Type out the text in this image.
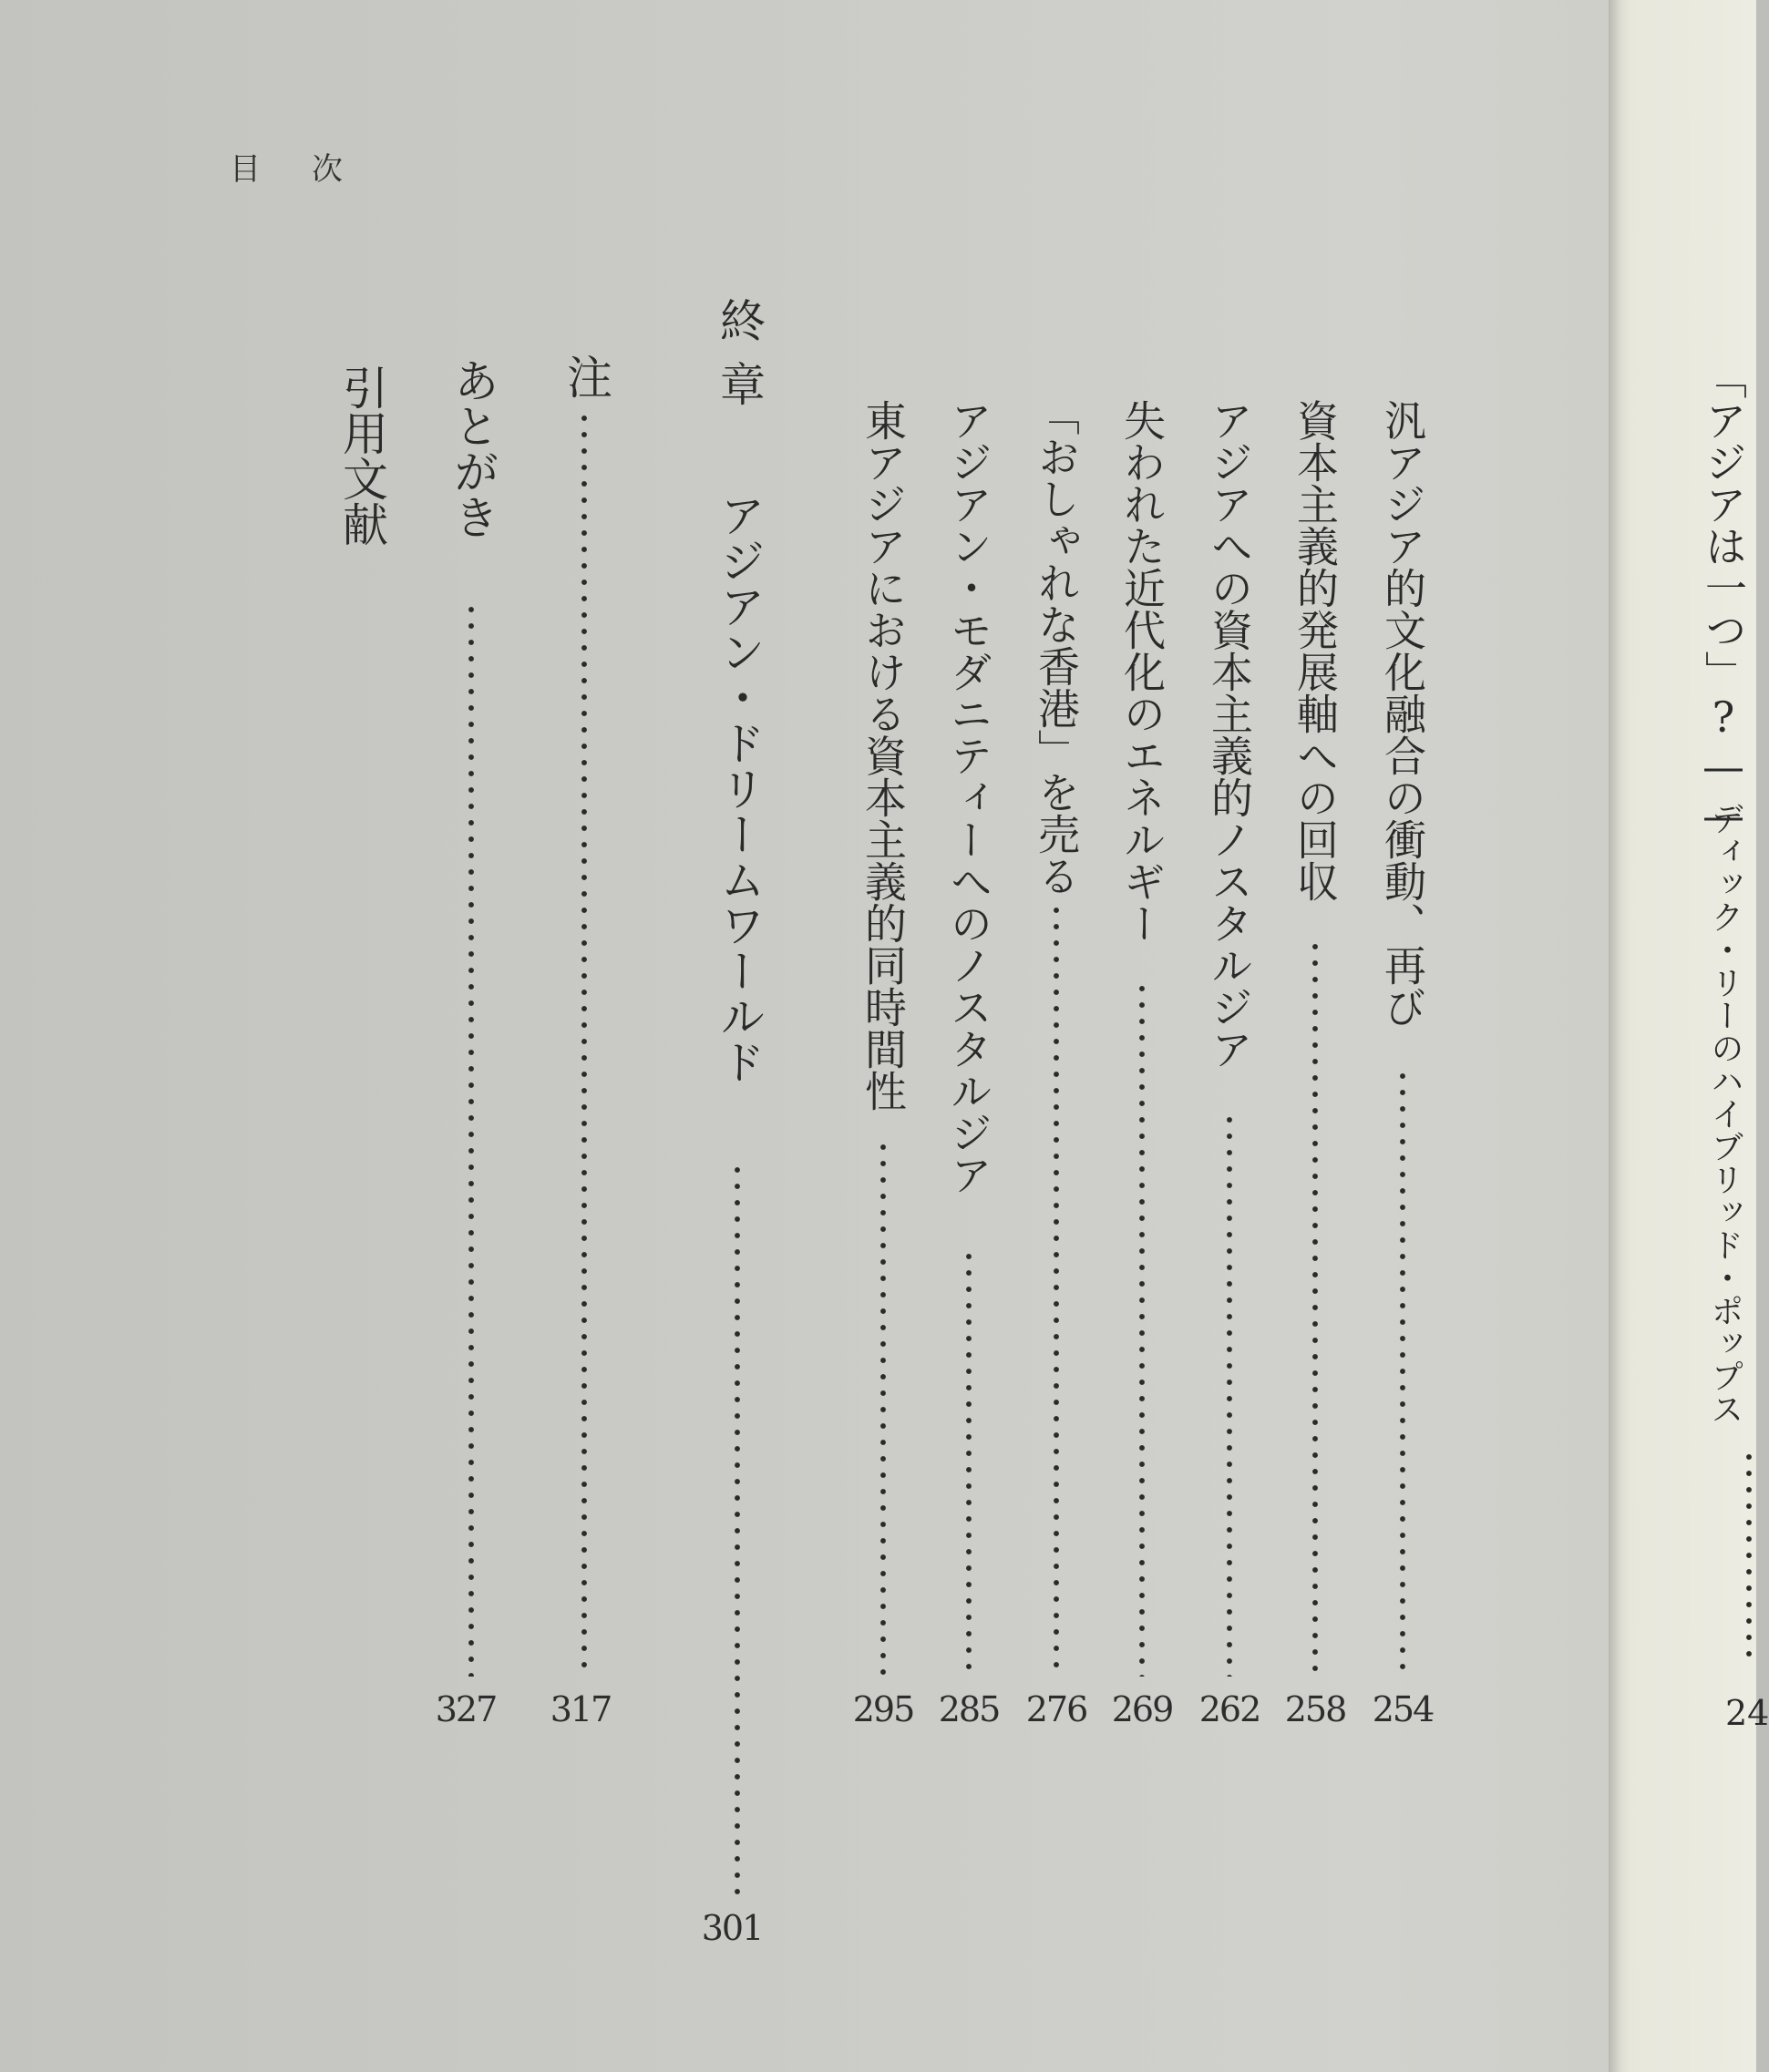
目次
汎アジア的文化融合の衝動、再び
254
資本主義的発展軸への回収
258
アジアへの資本主義的ノスタルジア
262
失われた近代化のエネルギー
269
「おしゃれな香港」を売る
276
アジアン・モダニティーへのノスタルジア
285
東アジアにおける資本主義的同時間性
295
終章
アジアン・ドリームワールド
301
注
317
あとがき
327
引用文献	「アジアは一つ」?——
ディック・リーのハイブリッド・ポップス
24
